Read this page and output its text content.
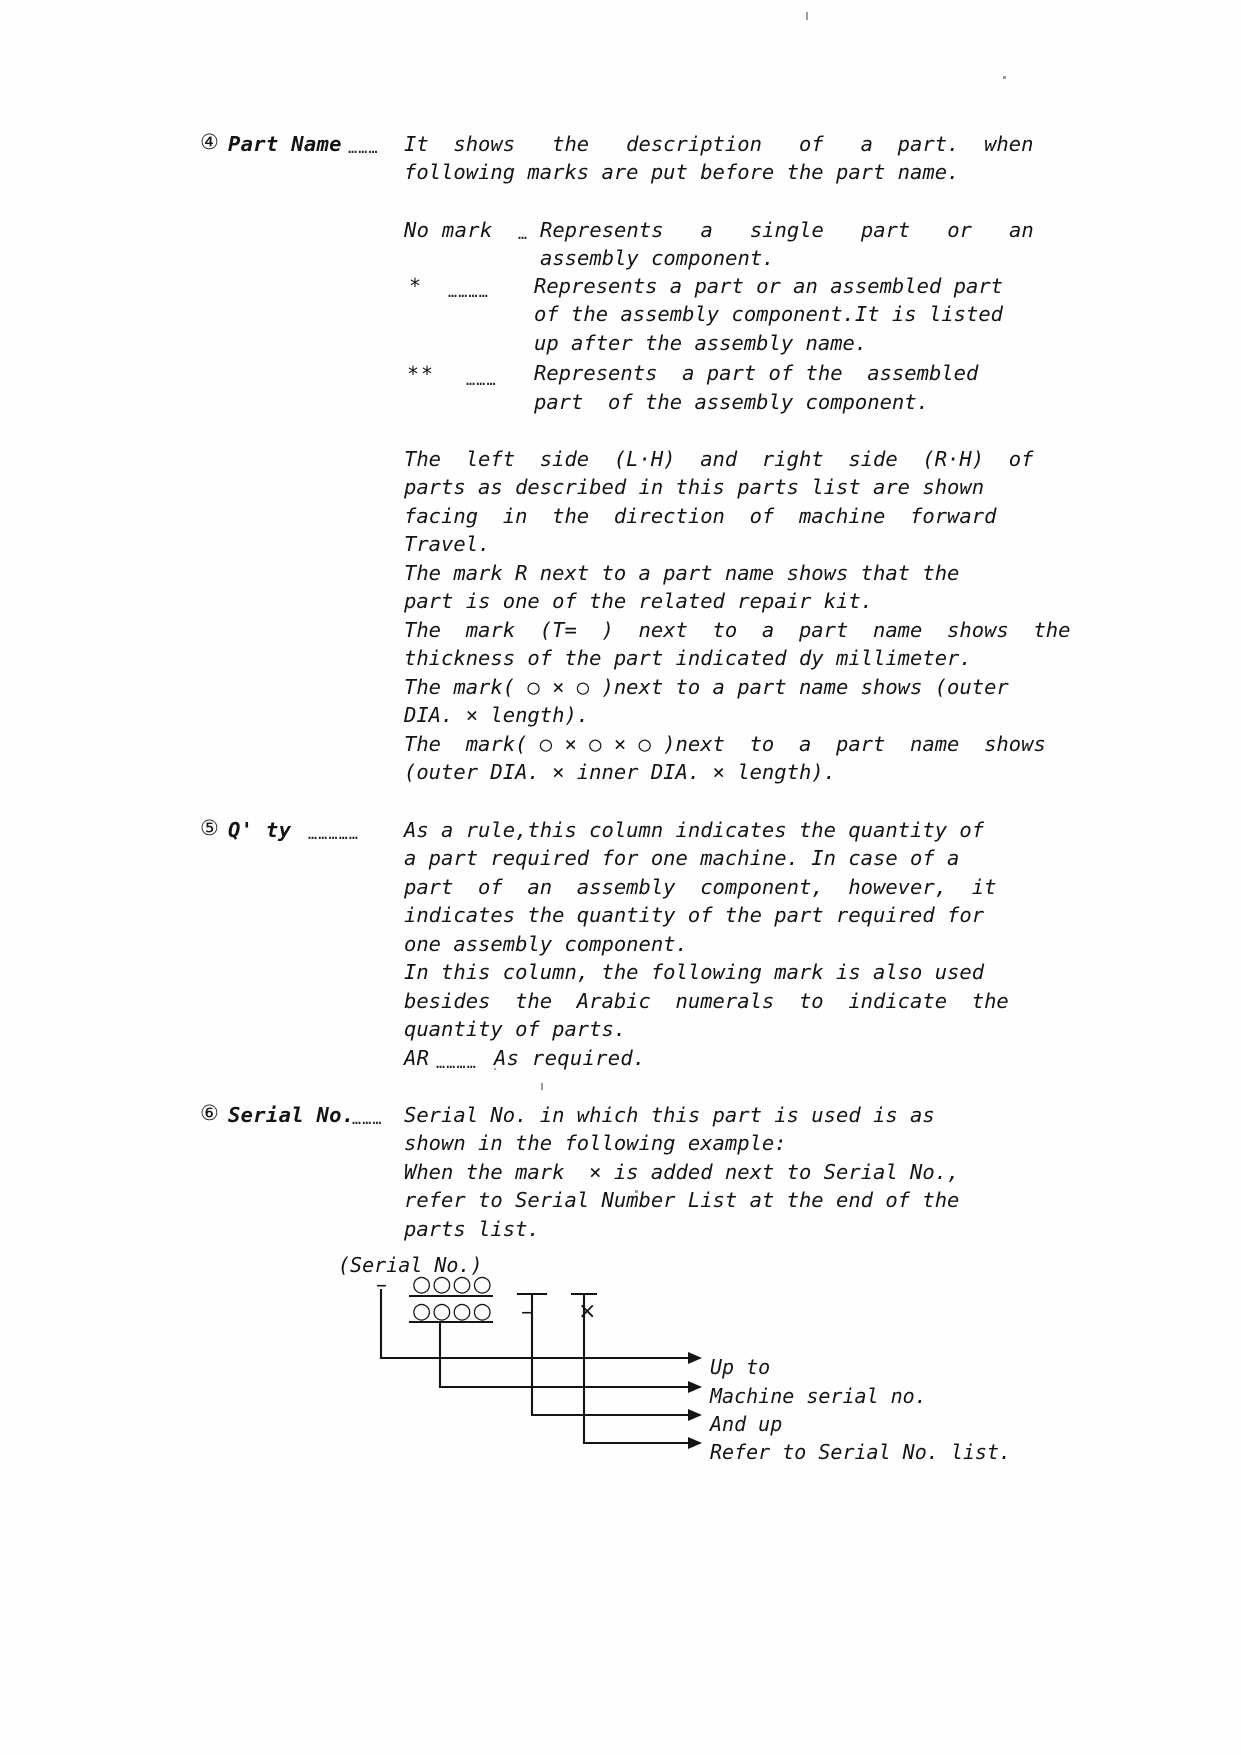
④ Part Name ……… It  shows   the   description   of   a  part.  when
following marks are put before the part name.
No mark … Represents   a   single   part   or   an
assembly component.
* ………… Represents a part or an assembled part
of the assembly component.It is listed
up after the assembly name.
** ……… Represents  a part of the  assembled
part  of the assembly component.
The  left  side  (L·H)  and  right  side  (R·H)  of
parts as described in this parts list are shown
facing  in  the  direction  of  machine  forward
Travel.
The mark R next to a part name shows that the
part is one of the related repair kit.
The  mark  (T=  )  next  to  a  part  name  shows  the
thickness of the part indicated dy millimeter.
The mark( ○ × ○ )next to a part name shows (outer
DIA. × length).
The  mark( ○ × ○ × ○ )next  to  a  part  name  shows
(outer DIA. × inner DIA. × length).
⑤ Q' ty …………… As a rule,this column indicates the quantity of
a part required for one machine. In case of a
part  of  an  assembly  component,  however,  it
indicates the quantity of the part required for
one assembly component.
In this column, the following mark is also used
besides  the  Arabic  numerals  to  indicate  the
quantity of parts.
AR ………… As required.
⑥ Serial No.
……… Serial No. in which this part is used is as
shown in the following example:
When the mark  × is added next to Serial No.,
refer to Serial Number List at the end of the
parts list.
(Serial No.)
– ○○○○
○○○○ – ×
Up to
Machine serial no.
And up
Refer to Serial No. list.
